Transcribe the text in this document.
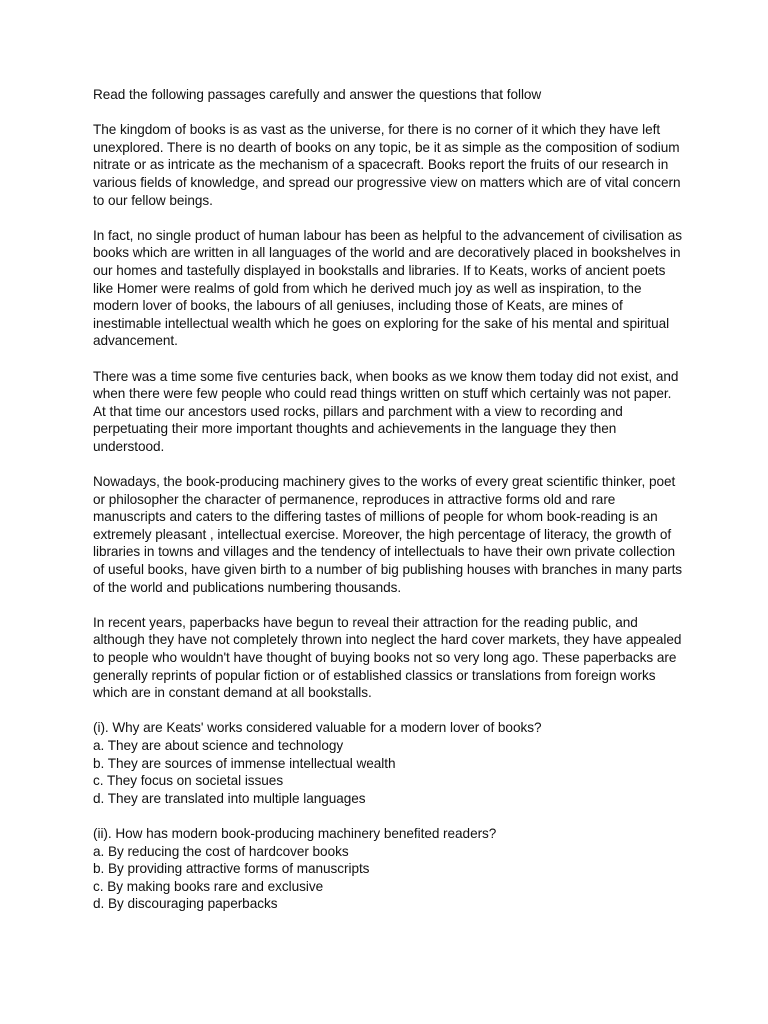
Read the following passages carefully and answer the questions that follow

The kingdom of books is as vast as the universe, for there is no corner of it which they have left unexplored. There is no dearth of books on any topic, be it as simple as the composition of sodium nitrate or as intricate as the mechanism of a spacecraft. Books report the fruits of our research in various fields of knowledge, and spread our progressive view on matters which are of vital concern to our fellow beings.

In fact, no single product of human labour has been as helpful to the advancement of civilisation as books which are written in all languages of the world and are decoratively placed in bookshelves in our homes and tastefully displayed in bookstalls and libraries. If to Keats, works of ancient poets like Homer were realms of gold from which he derived much joy as well as inspiration, to the modern lover of books, the labours of all geniuses, including those of Keats, are mines of inestimable intellectual wealth which he goes on exploring for the sake of his mental and spiritual advancement.

There was a time some five centuries back, when books as we know them today did not exist, and when there were few people who could read things written on stuff which certainly was not paper. At that time our ancestors used rocks, pillars and parchment with a view to recording and perpetuating their more important thoughts and achievements in the language they then understood.

Nowadays, the book-producing machinery gives to the works of every great scientific thinker, poet or philosopher the character of permanence, reproduces in attractive forms old and rare manuscripts and caters to the differing tastes of millions of people for whom book-reading is an extremely pleasant , intellectual exercise. Moreover, the high percentage of literacy, the growth of libraries in towns and villages and the tendency of intellectuals to have their own private collection of useful books, have given birth to a number of big publishing houses with branches in many parts of the world and publications numbering thousands.

In recent years, paperbacks have begun to reveal their attraction for the reading public, and although they have not completely thrown into neglect the hard cover markets, they have appealed to people who wouldn't have thought of buying books not so very long ago. These paperbacks are generally reprints of popular fiction or of established classics or translations from foreign works which are in constant demand at all bookstalls.

(i). Why are Keats' works considered valuable for a modern lover of books?
a. They are about science and technology
b. They are sources of immense intellectual wealth
c. They focus on societal issues
d. They are translated into multiple languages
(ii). How has modern book-producing machinery benefited readers?
a. By reducing the cost of hardcover books
b. By providing attractive forms of manuscripts
c. By making books rare and exclusive
d. By discouraging paperbacks
